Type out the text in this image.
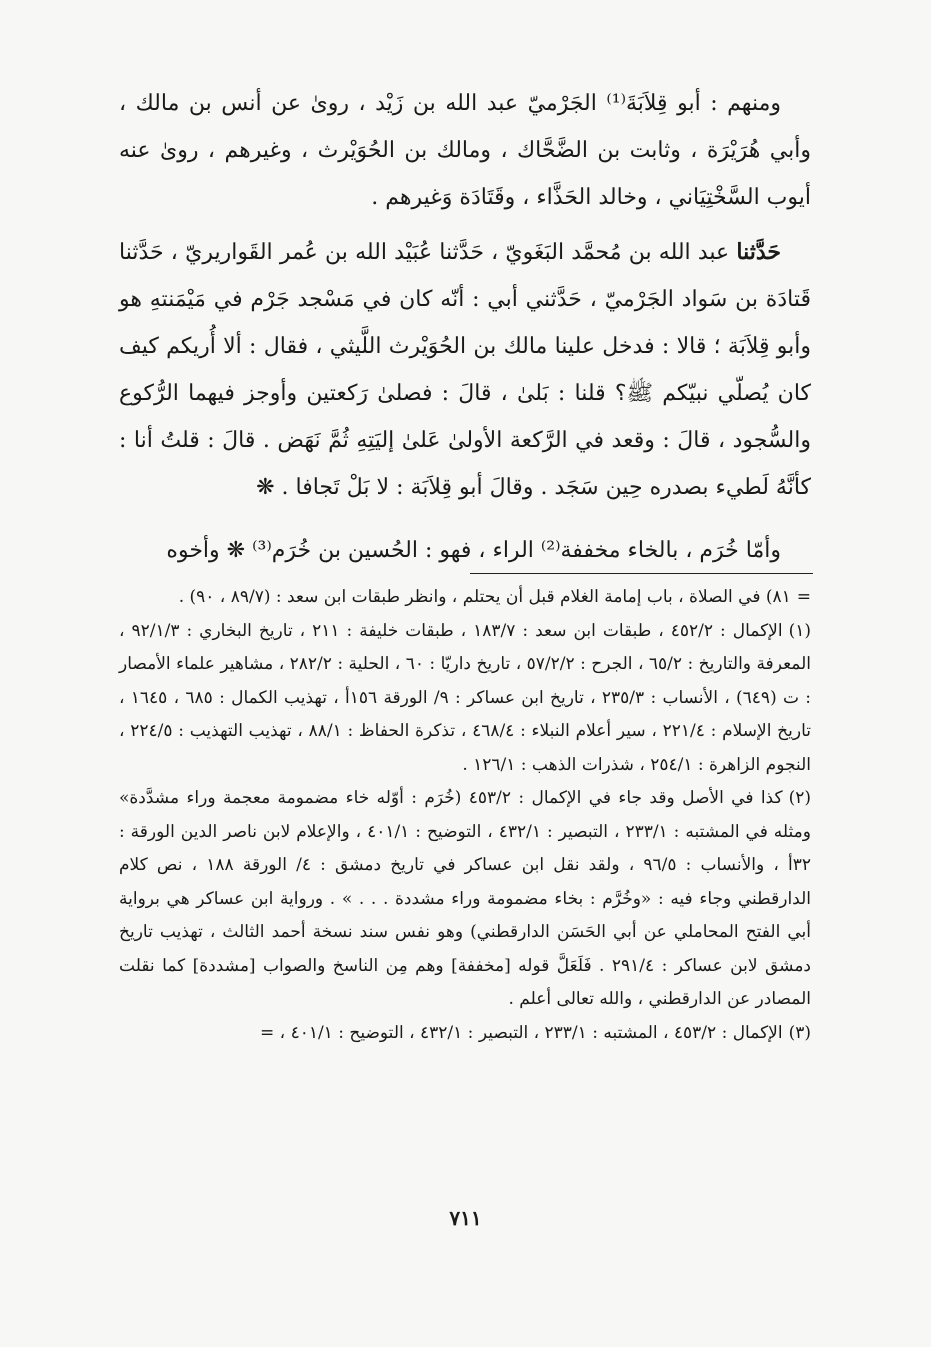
ومنهم : أبو قِلاَبَةَ⁽¹⁾ الجَرْميّ عبد الله بن زَيْد ، روىٰ عن أنس بن مالك ، وأبي هُرَيْرَة ، وثابت بن الضَّحَّاك ، ومالك بن الحُوَيْرث ، وغيرهم ، روىٰ عنه أيوب السَّخْتِيَاني ، وخالد الحَذَّاء ، وقَتَادَة وَغيرهم .

حَدَّثنا عبد الله بن مُحمَّد البَغَويّ ، حَدَّثنا عُبَيْد الله بن عُمر القَواريريّ ، حَدَّثنا قَتادَة بن سَواد الجَرْميّ ، حَدَّثني أبي : أنّه كان في مَسْجد جَرْم في مَيْمَنتهِ هو وأبو قِلاَبَة ؛ قالا : فدخل علينا مالك بن الحُوَيْرث اللَّيثي ، فقال : ألا أُريكم كيف كان يُصلّي نبيّكم ﷺ؟ قلنا : بَلىٰ ، قالَ : فصلىٰ رَكعتين وأوجز فيهما الرُّكوع والسُّجود ، قالَ : وقعد في الرَّكعة الأولىٰ عَلىٰ إليَتِهِ ثُمَّ نَهَض . قالَ : قلتُ أنا : كأنَّهُ لَطيء بصدره حِين سَجَد . وقالَ أبو قِلاَبَة : لا بَلْ تَجافا . ❋

وأمّا خُرَم ، بالخاء مخففة⁽²⁾ الراء ، فهو : الحُسين بن خُرَم⁽³⁾ ❋ وأخوه

=٨١) في الصلاة ، باب إمامة الغلام قبل أن يحتلم ، وانظر طبقات ابن سعد : (٨٩/٧ ، ٩٠) .

(١)الإكمال : ٤٥٢/٢ ، طبقات ابن سعد : ١٨٣/٧ ، طبقات خليفة : ٢١١ ، تاريخ البخاري : ٩٢/١/٣ ، المعرفة والتاريخ : ٦٥/٢ ، الجرح : ٥٧/٢/٢ ، تاريخ داريّا : ٦٠ ، الحلية : ٢٨٢/٢ ، مشاهير علماء الأمصار : ت (٦٤٩) ، الأنساب : ٢٣٥/٣ ، تاريخ ابن عساكر : ٩/ الورقة ١٥٦أ ، تهذيب الكمال : ٦٨٥ ، ١٦٤٥ ، تاريخ الإسلام : ٢٢١/٤ ، سير أعلام النبلاء : ٤٦٨/٤ ، تذكرة الحفاظ : ٨٨/١ ، تهذيب التهذيب : ٢٢٤/٥ ، النجوم الزاهرة : ٢٥٤/١ ، شذرات الذهب : ١٢٦/١ .

(٢)كذا في الأصل وقد جاء في الإكمال : ٤٥٣/٢ (خُرَم : أوّله خاء مضمومة معجمة وراء مشدَّدة» ومثله في المشتبه : ٢٣٣/١ ، التبصير : ٤٣٢/١ ، التوضيح : ٤٠١/١ ، والإعلام لابن ناصر الدين الورقة : ٣٢أ ، والأنساب : ٩٦/٥ ، ولقد نقل ابن عساكر في تاريخ دمشق : ٤/ الورقة ١٨٨ ، نص كلام الدارقطني وجاء فيه : «وخُرَّم : بخاء مضمومة وراء مشددة . . . » . ورواية ابن عساكر هي برواية أبي الفتح المحاملي عن أبي الحَسَن الدارقطني) وهو نفس سند نسخة أحمد الثالث ، تهذيب تاريخ دمشق لابن عساكر : ٢٩١/٤ . فَلَعَلَّ قوله [مخففة] وهم مِن الناسخ والصواب [مشددة] كما نقلت المصادر عن الدارقطني ، والله تعالى أعلم .

(٣)الإكمال : ٤٥٣/٢ ، المشتبه : ٢٣٣/١ ، التبصير : ٤٣٢/١ ، التوضيح : ٤٠١/١ ، =

٧١١
